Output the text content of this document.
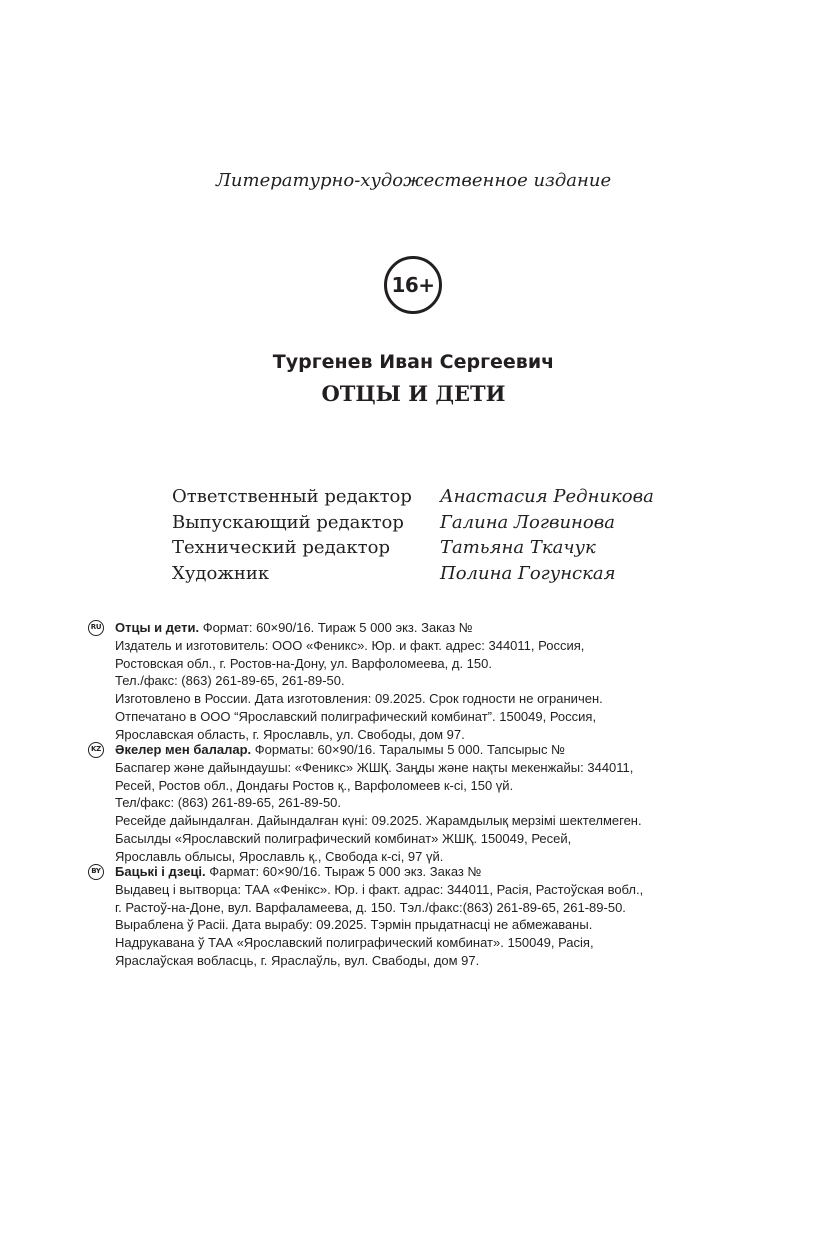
Литературно-художественное издание
16+
Тургенев Иван Сергеевич
ОТЦЫ И ДЕТИ
Ответственный редактор	Анастасия Редникова
Выпускающий редактор	Галина Логвинова
Технический редактор	Татьяна Ткачук
Художник	Полина Гогунская
RU Отцы и дети. Формат: 60×90/16. Тираж 5 000 экз. Заказ №
Издатель и изготовитель: ООО «Феникс». Юр. и факт. адрес: 344011, Россия,
Ростовская обл., г. Ростов-на-Дону, ул. Варфоломеева, д. 150.
Тел./факс: (863) 261-89-65, 261-89-50.
Изготовлено в России. Дата изготовления: 09.2025. Срок годности не ограничен.
Отпечатано в ООО “Ярославский полиграфический комбинат”. 150049, Россия,
Ярославская область, г. Ярославль, ул. Свободы, дом 97.
KZ Әкелер мен балалар. Форматы: 60×90/16. Таралымы 5 000. Тапсырыс №
Баспагер және дайындаушы: «Феникс» ЖШҚ. Заңды және нақты мекенжайы: 344011,
Ресей, Ростов обл., Дондағы Ростов қ., Варфоломеев к-сі, 150 үй.
Тел/факс: (863) 261-89-65, 261-89-50.
Ресейде дайындалған. Дайындалған күні: 09.2025. Жарамдылық мерзімі шектелмеген.
Басылды «Ярославский полиграфический комбинат» ЖШҚ. 150049, Ресей,
Ярославль облысы, Ярославль қ., Свобода к-сі, 97 үй.
BY Бацькі і дзеці. Фармат: 60×90/16. Тыраж 5 000 экз. Заказ №
Выдавец і вытворца: ТАА «Фенікс». Юр. і факт. адрас: 344011, Расія, Растоўская вобл.,
г. Растоў-на-Доне, вул. Варфаламеева, д. 150. Тэл./факс:(863) 261-89-65, 261-89-50.
Выраблена ў Расіі. Дата вырабу: 09.2025. Тэрмін прыдатнасці не абмежаваны.
Надрукавана ў ТАА «Ярославский полиграфический комбинат». 150049, Расія,
Яраслаўская вобласць, г. Яраслаўль, вул. Свабоды, дом 97.
